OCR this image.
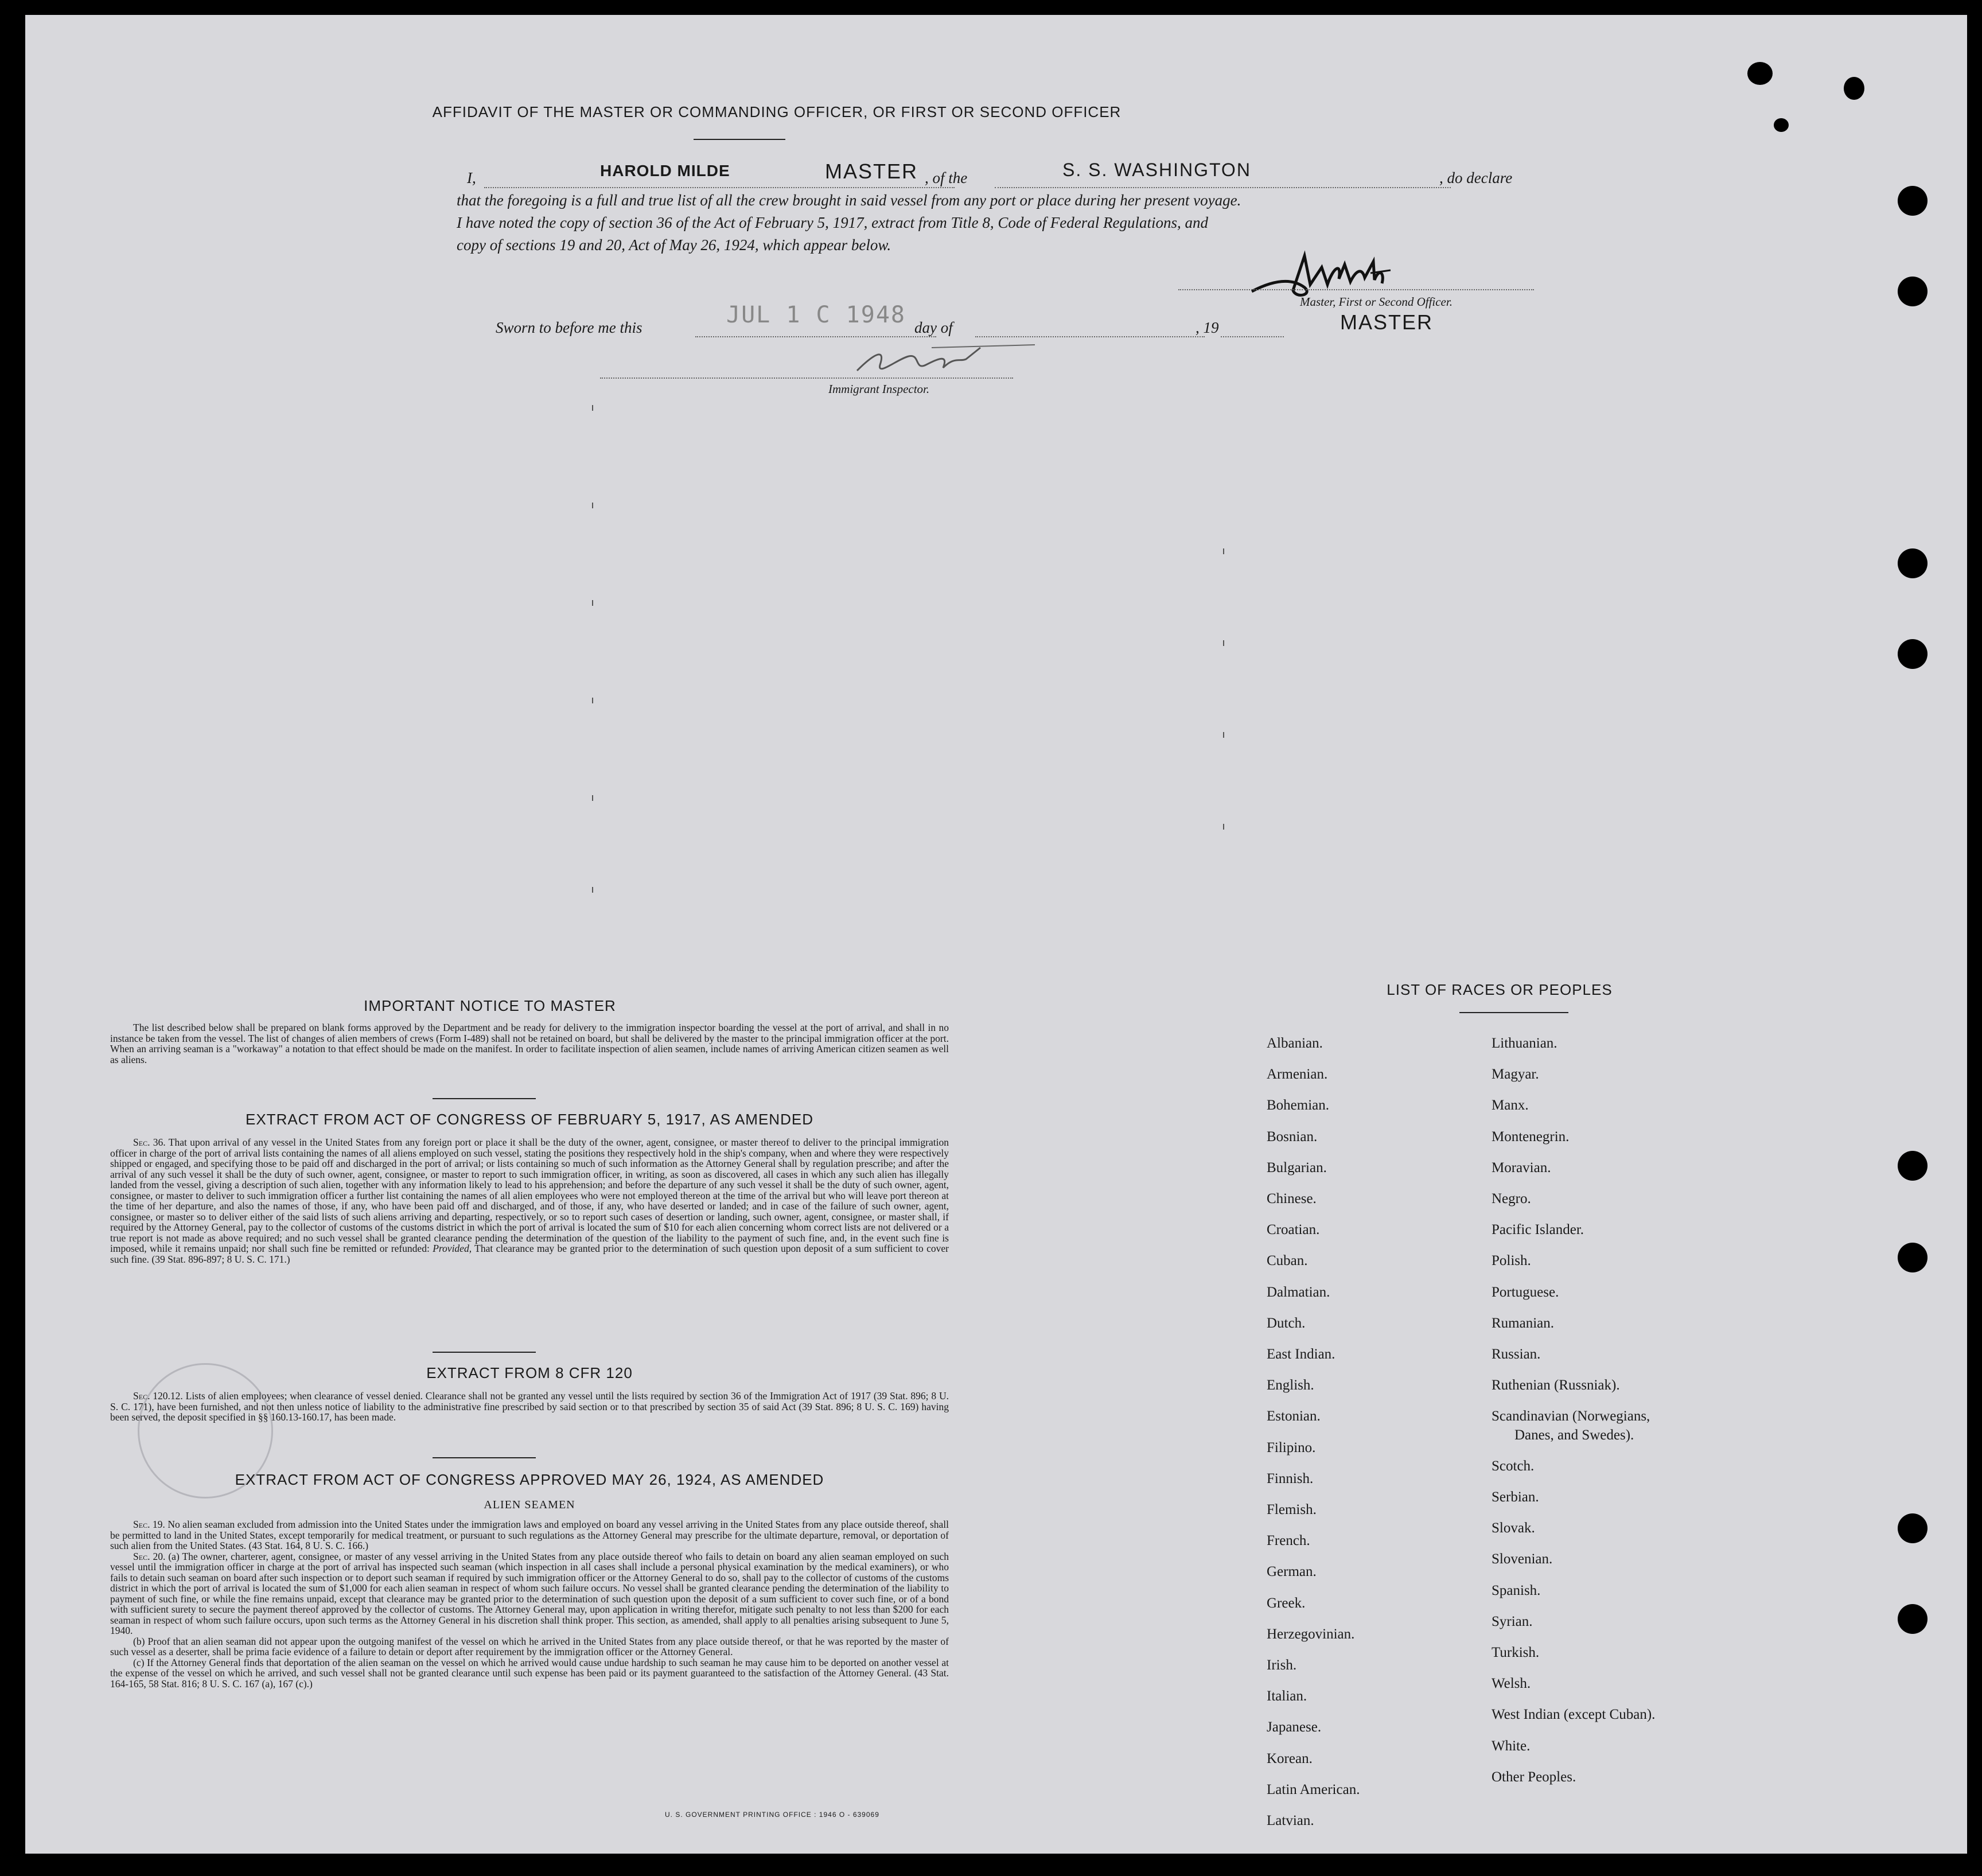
AFFIDAVIT OF THE MASTER OR COMMANDING OFFICER, OR FIRST OR SECOND OFFICER
I,	HAROLD MILDE	MASTER , of the	S. S. WASHINGTON	, do declare
that the foregoing is a full and true list of all the crew brought in said vessel from any port or place during her present voyage.
I have noted the copy of section 36 of the Act of February 5, 1917, extract from Title 8, Code of Federal Regulations, and
copy of sections 19 and 20, Act of May 26, 1924, which appear below.
Master, First or Second Officer.
MASTER
Sworn to before me this	JUL 1 C 1948 day of	, 19
Immigrant Inspector.
IMPORTANT NOTICE TO MASTER

The list described below shall be prepared on blank forms approved by the Department and be ready for delivery to the immigration inspector boarding the vessel at the port of arrival, and shall in no instance be taken from the vessel. The list of changes of alien members of crews (Form I-489) shall not be retained on board, but shall be delivered by the master to the principal immigration officer at the port. When an arriving seaman is a "workaway" a notation to that effect should be made on the manifest. In order to facilitate inspection of alien seamen, include names of arriving American citizen seamen as well as aliens.

EXTRACT FROM ACT OF CONGRESS OF FEBRUARY 5, 1917, AS AMENDED

Sec. 36. That upon arrival of any vessel in the United States from any foreign port or place it shall be the duty of the owner, agent, consignee, or master thereof to deliver to the principal immigration officer in charge of the port of arrival lists containing the names of all aliens employed on such vessel, stating the positions they respectively hold in the ship's company, when and where they were respectively shipped or engaged, and specifying those to be paid off and discharged in the port of arrival; or lists containing so much of such information as the Attorney General shall by regulation prescribe; and after the arrival of any such vessel it shall be the duty of such owner, agent, consignee, or master to report to such immigration officer, in writing, as soon as discovered, all cases in which any such alien has illegally landed from the vessel, giving a description of such alien, together with any information likely to lead to his apprehension; and before the departure of any such vessel it shall be the duty of such owner, agent, consignee, or master to deliver to such immigration officer a further list containing the names of all alien employees who were not employed thereon at the time of the arrival but who will leave port thereon at the time of her departure, and also the names of those, if any, who have been paid off and discharged, and of those, if any, who have deserted or landed; and in case of the failure of such owner, agent, consignee, or master so to deliver either of the said lists of such aliens arriving and departing, respectively, or so to report such cases of desertion or landing, such owner, agent, consignee, or master shall, if required by the Attorney General, pay to the collector of customs of the customs district in which the port of arrival is located the sum of $10 for each alien concerning whom correct lists are not delivered or a true report is not made as above required; and no such vessel shall be granted clearance pending the determination of the question of the liability to the payment of such fine, and, in the event such fine is imposed, while it remains unpaid; nor shall such fine be remitted or refunded: Provided, That clearance may be granted prior to the determination of such question upon deposit of a sum sufficient to cover such fine. (39 Stat. 896-897; 8 U. S. C. 171.)

EXTRACT FROM 8 CFR 120

Sec. 120.12. Lists of alien employees; when clearance of vessel denied. Clearance shall not be granted any vessel until the lists required by section 36 of the Immigration Act of 1917 (39 Stat. 896; 8 U. S. C. 171), have been furnished, and not then unless notice of liability to the administrative fine prescribed by said section or to that prescribed by section 35 of said Act (39 Stat. 896; 8 U. S. C. 169) having been served, the deposit specified in §§ 160.13-160.17, has been made.

EXTRACT FROM ACT OF CONGRESS APPROVED MAY 26, 1924, AS AMENDED
ALIEN SEAMEN

Sec. 19. No alien seaman excluded from admission into the United States under the immigration laws and employed on board any vessel arriving in the United States from any place outside thereof, shall be permitted to land in the United States, except temporarily for medical treatment, or pursuant to such regulations as the Attorney General may prescribe for the ultimate departure, removal, or deportation of such alien from the United States. (43 Stat. 164, 8 U. S. C. 166.)

Sec. 20. (a) The owner, charterer, agent, consignee, or master of any vessel arriving in the United States from any place outside thereof who fails to detain on board any alien seaman employed on such vessel until the immigration officer in charge at the port of arrival has inspected such seaman (which inspection in all cases shall include a personal physical examination by the medical examiners), or who fails to detain such seaman on board after such inspection or to deport such seaman if required by such immigration officer or the Attorney General to do so, shall pay to the collector of customs of the customs district in which the port of arrival is located the sum of $1,000 for each alien seaman in respect of whom such failure occurs. No vessel shall be granted clearance pending the determination of the liability to payment of such fine, or while the fine remains unpaid, except that clearance may be granted prior to the determination of such question upon the deposit of a sum sufficient to cover such fine, or of a bond with sufficient surety to secure the payment thereof approved by the collector of customs. The Attorney General may, upon application in writing therefor, mitigate such penalty to not less than $200 for each seaman in respect of whom such failure occurs, upon such terms as the Attorney General in his discretion shall think proper. This section, as amended, shall apply to all penalties arising subsequent to June 5, 1940.

(b) Proof that an alien seaman did not appear upon the outgoing manifest of the vessel on which he arrived in the United States from any place outside thereof, or that he was reported by the master of such vessel as a deserter, shall be prima facie evidence of a failure to detain or deport after requirement by the immigration officer or the Attorney General.

(c) If the Attorney General finds that deportation of the alien seaman on the vessel on which he arrived would cause undue hardship to such seaman he may cause him to be deported on another vessel at the expense of the vessel on which he arrived, and such vessel shall not be granted clearance until such expense has been paid or its payment guaranteed to the satisfaction of the Attorney General. (43 Stat. 164-165, 58 Stat. 816; 8 U. S. C. 167 (a), 167 (c).)

LIST OF RACES OR PEOPLES
Albanian.
Armenian.
Bohemian.
Bosnian.
Bulgarian.
Chinese.
Croatian.
Cuban.
Dalmatian.
Dutch.
East Indian.
English.
Estonian.
Filipino.
Finnish.
Flemish.
French.
German.
Greek.
Herzegovinian.
Irish.
Italian.
Japanese.
Korean.
Latin American.
Latvian.
Lithuanian.
Magyar.
Manx.
Montenegrin.
Moravian.
Negro.
Pacific Islander.
Polish.
Portuguese.
Rumanian.
Russian.
Ruthenian (Russniak).
Scandinavian (Norwegians,
Danes, and Swedes).
Scotch.
Serbian.
Slovak.
Slovenian.
Spanish.
Syrian.
Turkish.
Welsh.
West Indian (except Cuban).
White.
Other Peoples.
U. S. GOVERNMENT PRINTING OFFICE : 1946 O - 639069
